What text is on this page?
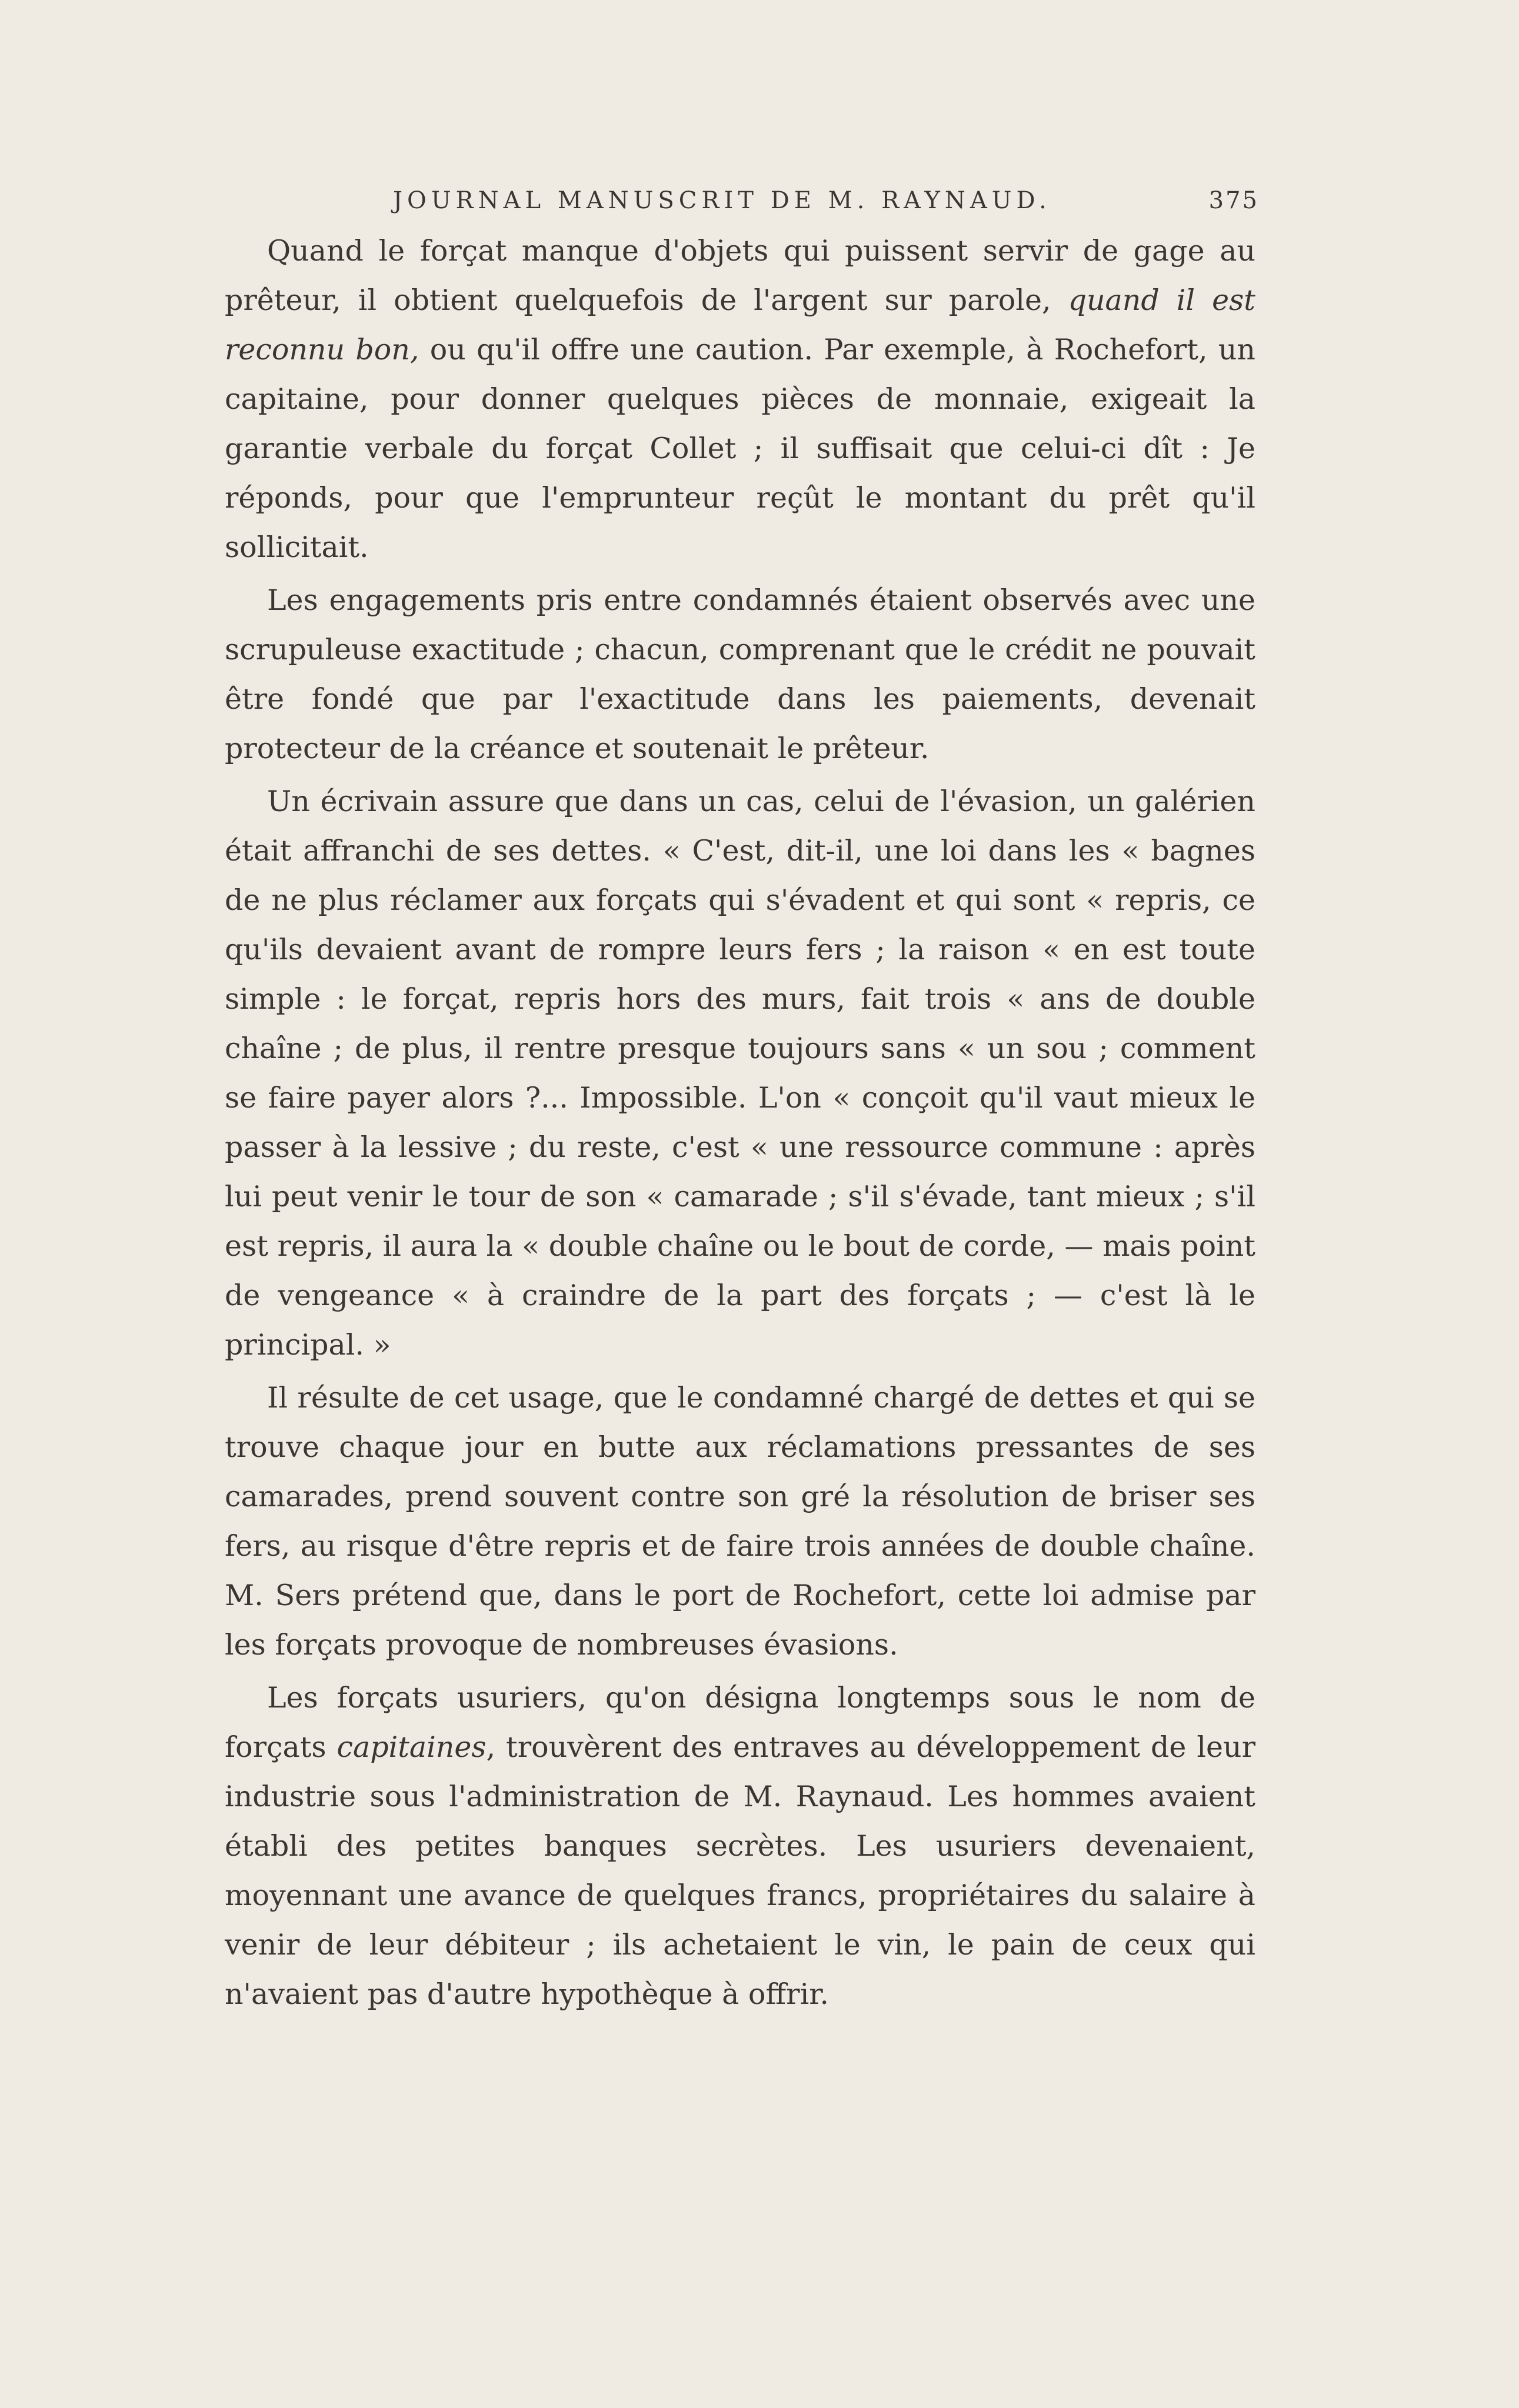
JOURNAL MANUSCRIT DE M. RAYNAUD.	375

Quand le forçat manque d'objets qui puissent servir de gage au prêteur, il obtient quelquefois de l'argent sur parole, quand il est reconnu bon, ou qu'il offre une caution. Par exemple, à Rochefort, un capitaine, pour donner quelques pièces de monnaie, exigeait la garantie verbale du forçat Collet ; il suffisait que celui-ci dît : Je réponds, pour que l'emprunteur reçût le montant du prêt qu'il sollicitait.

Les engagements pris entre condamnés étaient observés avec une scrupuleuse exactitude ; chacun, comprenant que le crédit ne pouvait être fondé que par l'exactitude dans les paiements, devenait protecteur de la créance et soutenait le prêteur.

Un écrivain assure que dans un cas, celui de l'évasion, un galérien était affranchi de ses dettes. « C'est, dit-il, une loi dans les « bagnes de ne plus réclamer aux forçats qui s'évadent et qui sont « repris, ce qu'ils devaient avant de rompre leurs fers ; la raison « en est toute simple : le forçat, repris hors des murs, fait trois « ans de double chaîne ; de plus, il rentre presque toujours sans « un sou ; comment se faire payer alors ?... Impossible. L'on « conçoit qu'il vaut mieux le passer à la lessive ; du reste, c'est « une ressource commune : après lui peut venir le tour de son « camarade ; s'il s'évade, tant mieux ; s'il est repris, il aura la « double chaîne ou le bout de corde, — mais point de vengeance « à craindre de la part des forçats ; — c'est là le principal. »

Il résulte de cet usage, que le condamné chargé de dettes et qui se trouve chaque jour en butte aux réclamations pressantes de ses camarades, prend souvent contre son gré la résolution de briser ses fers, au risque d'être repris et de faire trois années de double chaîne. M. Sers prétend que, dans le port de Rochefort, cette loi admise par les forçats provoque de nombreuses évasions.

Les forçats usuriers, qu'on désigna longtemps sous le nom de forçats capitaines, trouvèrent des entraves au développement de leur industrie sous l'administration de M. Raynaud. Les hommes avaient établi des petites banques secrètes. Les usuriers devenaient, moyennant une avance de quelques francs, propriétaires du salaire à venir de leur débiteur ; ils achetaient le vin, le pain de ceux qui n'avaient pas d'autre hypothèque à offrir.
